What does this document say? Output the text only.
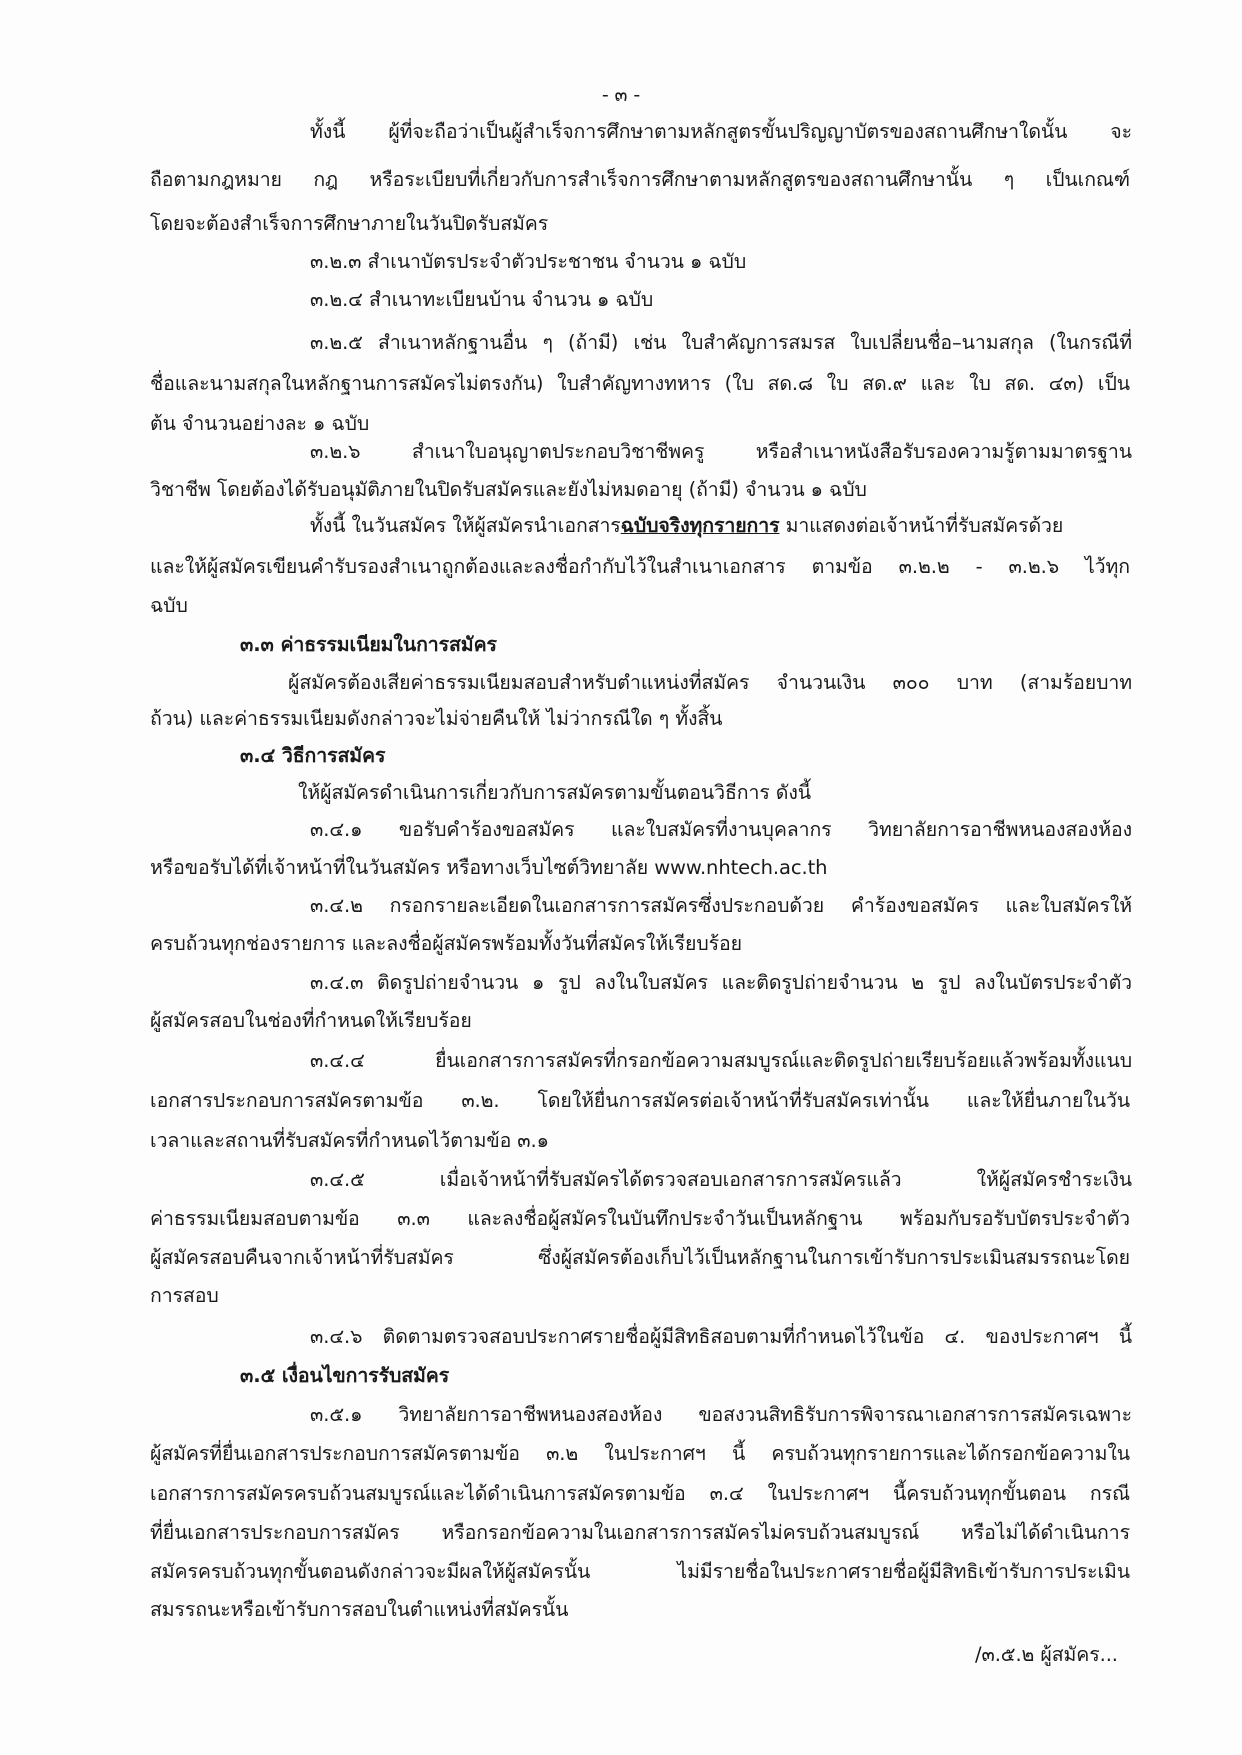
- ๓ -
ทั้งนี้ ผู้ที่จะถือว่าเป็นผู้สำเร็จการศึกษาตามหลักสูตรขั้นปริญญาบัตรของสถานศึกษาใดนั้น จะ
ถือตามกฎหมาย กฎ หรือระเบียบที่เกี่ยวกับการสำเร็จการศึกษาตามหลักสูตรของสถานศึกษานั้น ๆ เป็นเกณฑ์
โดยจะต้องสำเร็จการศึกษาภายในวันปิดรับสมัคร
๓.๒.๓ สำเนาบัตรประจำตัวประชาชน จำนวน ๑ ฉบับ
๓.๒.๔ สำเนาทะเบียนบ้าน จำนวน ๑ ฉบับ
๓.๒.๕ สำเนาหลักฐานอื่น ๆ (ถ้ามี) เช่น ใบสำคัญการสมรส ใบเปลี่ยนชื่อ–นามสกุล (ในกรณีที่
ชื่อและนามสกุลในหลักฐานการสมัครไม่ตรงกัน) ใบสำคัญทางทหาร (ใบ สด.๘ ใบ สด.๙ และ ใบ สด. ๔๓) เป็น
ต้น จำนวนอย่างละ ๑ ฉบับ
๓.๒.๖ สำเนาใบอนุญาตประกอบวิชาชีพครู หรือสำเนาหนังสือรับรองความรู้ตามมาตรฐาน
วิชาชีพ โดยต้องได้รับอนุมัติภายในปิดรับสมัครและยังไม่หมดอายุ (ถ้ามี) จำนวน ๑ ฉบับ
ทั้งนี้ ในวันสมัคร ให้ผู้สมัครนำเอกสารฉบับจริงทุกรายการ มาแสดงต่อเจ้าหน้าที่รับสมัครด้วย
และให้ผู้สมัครเขียนคำรับรองสำเนาถูกต้องและลงชื่อกำกับไว้ในสำเนาเอกสาร ตามข้อ ๓.๒.๒ - ๓.๒.๖ ไว้ทุก
ฉบับ
๓.๓ ค่าธรรมเนียมในการสมัคร
ผู้สมัครต้องเสียค่าธรรมเนียมสอบสำหรับตำแหน่งที่สมัคร จำนวนเงิน ๓๐๐ บาท (สามร้อยบาท
ถ้วน) และค่าธรรมเนียมดังกล่าวจะไม่จ่ายคืนให้ ไม่ว่ากรณีใด ๆ ทั้งสิ้น
๓.๔ วิธีการสมัคร
ให้ผู้สมัครดำเนินการเกี่ยวกับการสมัครตามขั้นตอนวิธีการ ดังนี้
๓.๔.๑ ขอรับคำร้องขอสมัคร และใบสมัครที่งานบุคลากร วิทยาลัยการอาชีพหนองสองห้อง
หรือขอรับได้ที่เจ้าหน้าที่ในวันสมัคร หรือทางเว็บไซต์วิทยาลัย www.nhtech.ac.th
๓.๔.๒ กรอกรายละเอียดในเอกสารการสมัครซึ่งประกอบด้วย คำร้องขอสมัคร และใบสมัครให้
ครบถ้วนทุกช่องรายการ และลงชื่อผู้สมัครพร้อมทั้งวันที่สมัครให้เรียบร้อย
๓.๔.๓ ติดรูปถ่ายจำนวน ๑ รูป ลงในใบสมัคร และติดรูปถ่ายจำนวน ๒ รูป ลงในบัตรประจำตัว
ผู้สมัครสอบในช่องที่กำหนดให้เรียบร้อย
๓.๔.๔ ยื่นเอกสารการสมัครที่กรอกข้อความสมบูรณ์และติดรูปถ่ายเรียบร้อยแล้วพร้อมทั้งแนบ
เอกสารประกอบการสมัครตามข้อ ๓.๒. โดยให้ยื่นการสมัครต่อเจ้าหน้าที่รับสมัครเท่านั้น และให้ยื่นภายในวัน
เวลาและสถานที่รับสมัครที่กำหนดไว้ตามข้อ ๓.๑
๓.๔.๕ เมื่อเจ้าหน้าที่รับสมัครได้ตรวจสอบเอกสารการสมัครแล้ว ให้ผู้สมัครชำระเงิน
ค่าธรรมเนียมสอบตามข้อ ๓.๓ และลงชื่อผู้สมัครในบันทึกประจำวันเป็นหลักฐาน พร้อมกับรอรับบัตรประจำตัว
ผู้สมัครสอบคืนจากเจ้าหน้าที่รับสมัคร ซึ่งผู้สมัครต้องเก็บไว้เป็นหลักฐานในการเข้ารับการประเมินสมรรถนะโดย
การสอบ
๓.๔.๖ ติดตามตรวจสอบประกาศรายชื่อผู้มีสิทธิสอบตามที่กำหนดไว้ในข้อ ๔. ของประกาศฯ นี้
๓.๕ เงื่อนไขการรับสมัคร
๓.๕.๑ วิทยาลัยการอาชีพหนองสองห้อง ขอสงวนสิทธิรับการพิจารณาเอกสารการสมัครเฉพาะ
ผู้สมัครที่ยื่นเอกสารประกอบการสมัครตามข้อ ๓.๒ ในประกาศฯ นี้ ครบถ้วนทุกรายการและได้กรอกข้อความใน
เอกสารการสมัครครบถ้วนสมบูรณ์และได้ดำเนินการสมัครตามข้อ ๓.๔ ในประกาศฯ นี้ครบถ้วนทุกขั้นตอน กรณี
ที่ยื่นเอกสารประกอบการสมัคร หรือกรอกข้อความในเอกสารการสมัครไม่ครบถ้วนสมบูรณ์ หรือไม่ได้ดำเนินการ
สมัครครบถ้วนทุกขั้นตอนดังกล่าวจะมีผลให้ผู้สมัครนั้น ไม่มีรายชื่อในประกาศรายชื่อผู้มีสิทธิเข้ารับการประเมิน
สมรรถนะหรือเข้ารับการสอบในตำแหน่งที่สมัครนั้น
/๓.๕.๒ ผู้สมัคร...
